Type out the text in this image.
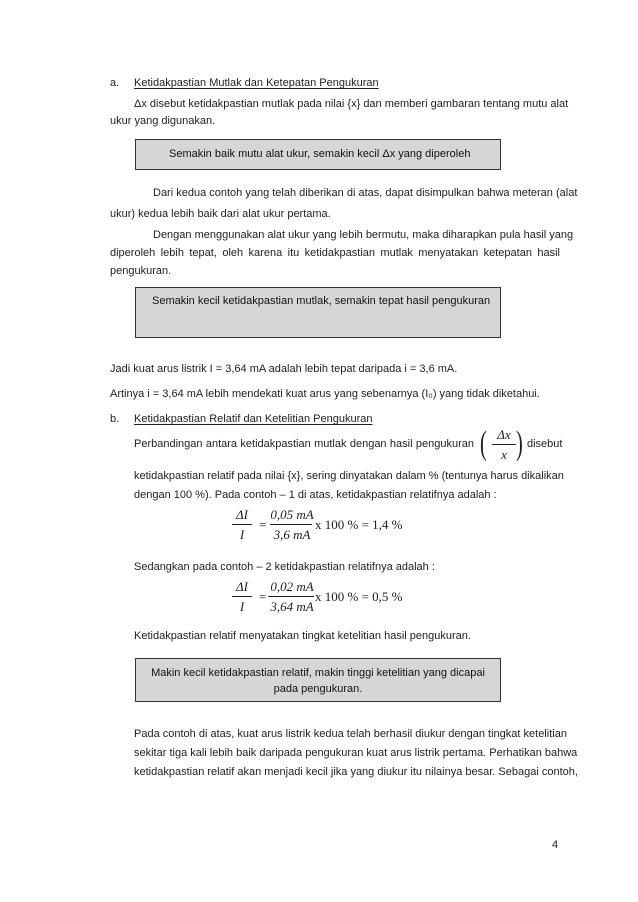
a. Ketidakpastian Mutlak dan Ketepatan Pengukuran
Δx disebut ketidakpastian mutlak pada nilai {x} dan memberi gambaran tentang mutu alat
ukur yang digunakan.
Semakin baik mutu alat ukur, semakin kecil Δx yang diperoleh
Dari kedua contoh yang telah diberikan di atas, dapat disimpulkan bahwa meteran (alat
ukur) kedua lebih baik dari alat ukur pertama.
Dengan menggunakan alat ukur yang lebih bermutu, maka diharapkan pula hasil yang
diperoleh lebih tepat, oleh karena itu ketidakpastian mutlak menyatakan ketepatan hasil
pengukuran.
Semakin kecil ketidakpastian mutlak, semakin tepat hasil pengukuran
Jadi kuat arus listrik I = 3,64 mA adalah lebih tepat daripada i = 3,6 mA.
Artinya i = 3,64 mA lebih mendekati kuat arus yang sebenarnya (I₀) yang tidak diketahui.
b. Ketidakpastian Relatif dan Ketelitian Pengukuran
Perbandingan antara ketidakpastian mutlak dengan hasil pengukuran ( Δx
x ) disebut
ketidakpastian relatif pada nilai {x}, sering dinyatakan dalam % (tentunya harus dikalikan
dengan 100 %). Pada contoh – 1 di atas, ketidakpastian relatifnya adalah :
ΔI
I
=
0,05 mA
3,6 mA
x 100 % = 1,4 %
Sedangkan pada contoh – 2 ketidakpastian relatifnya adalah :
ΔI
I
=
0,02 mA
3,64 mA
x 100 % = 0,5 %
Ketidakpastian relatif menyatakan tingkat ketelitian hasil pengukuran.
Makin kecil ketidakpastian relatif, makin tinggi ketelitian yang dicapai
pada pengukuran.
Pada contoh di atas, kuat arus listrik kedua telah berhasil diukur dengan tingkat ketelitian
sekitar tiga kali lebih baik daripada pengukuran kuat arus listrik pertama. Perhatikan bahwa
ketidakpastian relatif akan menjadi kecil jika yang diukur itu nilainya besar. Sebagai contoh,
4
